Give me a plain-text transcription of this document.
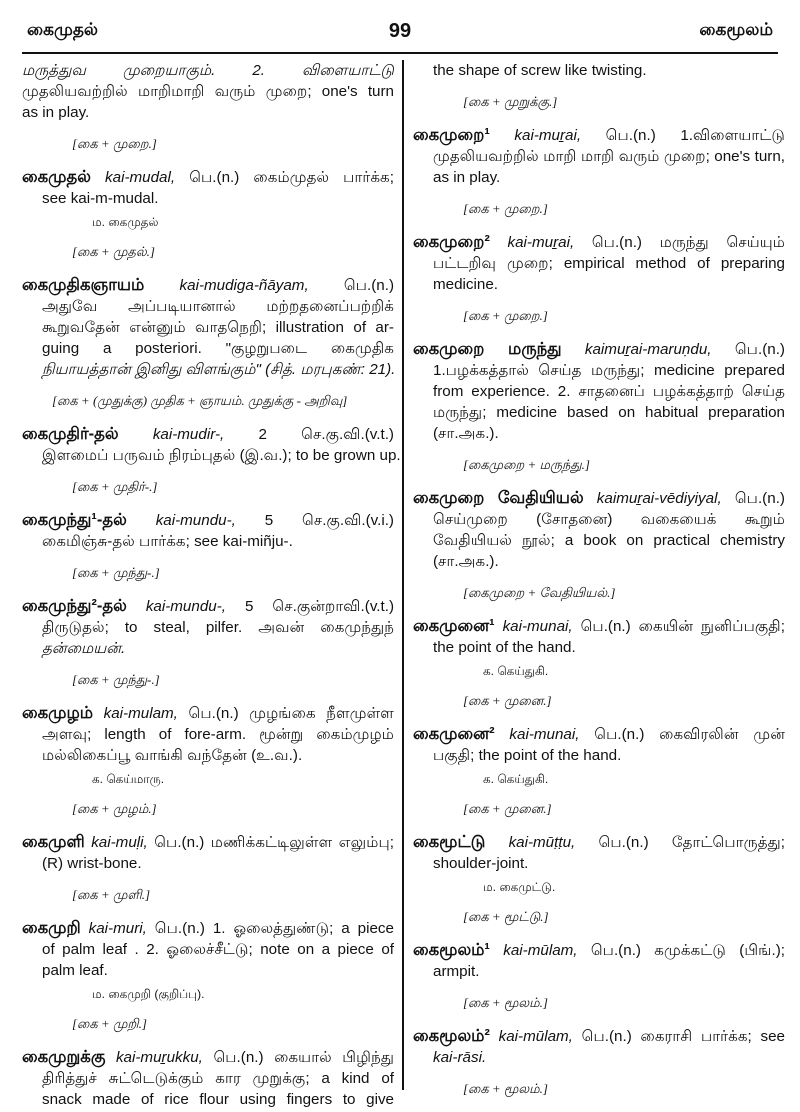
கைமுதல்	99	கைமூலம்
மருத்துவ முறையாகும். 2. விளையாட்டு
முதலியவற்றில் மாறிமாறி வரும் முறை; one's turn
as in play.
[கை + முறை.]
கைமுதல் kai-mudal, பெ.(n.) கைம்முதல் பார்க்க;
see kai-m-mudal.
ம. கைமுதல்
[கை + முதல்.]
கைமுதிகஞாயம் kai-mudiga-ñāyam, பெ.(n.)
அதுவே அப்படியானால் மற்றதனைப்பற்றிக்
கூறுவதேன் என்னும் வாதநெறி; illustration of ar-
guing a posteriori. "குழறுபடை கைமுதிக
நியாயத்தான் இனிது விளங்கும்" (சித். மரபுகண்: 21).
[கை + (முதுக்கு) முதிக + ஞாயம். முதுக்கு - அறிவு]
கைமுதிர்-தல் kai-mudir-, 2 செ.கு.வி.(v.t.)
இளமைப் பருவம் நிரம்புதல் (இ.வ.); to be grown up.
[கை + முதிர்-.]
கைமுந்து¹-தல் kai-mundu-, 5 செ.கு.வி.(v.i.)
கைமிஞ்சு-தல் பார்க்க; see kai-miñju-.
[கை + முந்து-.]
கைமுந்து²-தல் kai-mundu-, 5 செ.குன்றாவி.(v.t.)
திருடுதல்; to steal, pilfer. அவன் கைமுந்துந்
தன்மையன்.
[கை + முந்து-.]
கைமுழம் kai-mulam, பெ.(n.) முழங்கை நீளமுள்ள
அளவு; length of fore-arm. மூன்று கைம்முழம்
மல்லிகைப்பூ வாங்கி வந்தேன் (உ.வ.).
க. கெய்மாரு.
[கை + முழம்.]
கைமுளி kai-muḷi, பெ.(n.) மணிக்கட்டிலுள்ள எலும்பு;
(R) wrist-bone.
[கை + முளி.]
கைமுறி kai-muri, பெ.(n.) 1. ஓலைத்துண்டு; a piece
of palm leaf . 2. ஓலைச்சீட்டு; note on a piece of
palm leaf.
ம. கைமுறி (குறிப்பு).
[கை + முறி.]
கைமுறுக்கு kai-muṟukku, பெ.(n.) கையால் பிழிந்து
திரித்துச் சுட்டெடுக்கும் கார முறுக்கு; a kind of
snack made of rice flour using fingers to give
the shape of screw like twisting.
[கை + முறுக்கு.]
கைமுறை¹ kai-muṟai, பெ.(n.) 1.விளையாட்டு
முதலியவற்றில் மாறி மாறி வரும் முறை; one's turn,
as in play.
[கை + முறை.]
கைமுறை² kai-muṟai, பெ.(n.) மருந்து செய்யும்
பட்டறிவு முறை; empirical method of preparing
medicine.
[கை + முறை.]
கைமுறை மருந்து kaimuṟai-maruṇdu, பெ.(n.)
1.பழக்கத்தால் செய்த மருந்து; medicine prepared
from experience. 2. சாதனைப் பழக்கத்தாற் செய்த
மருந்து; medicine based on habitual preparation
(சா.அக.).
[கைமுறை + மருந்து.]
கைமுறை வேதியியல் kaimuṟai-vēdiyiyal, பெ.(n.)
செய்முறை (சோதனை) வகையைக் கூறும்
வேதியியல் நூல்; a book on practical chemistry
(சா.அக.).
[கைமுறை + வேதியியல்.]
கைமுனை¹ kai-munai, பெ.(n.) கையின் நுனிப்பகுதி;
the point of the hand.
க. கெய்துகி.
[கை + முனை.]
கைமுனை² kai-munai, பெ.(n.) கைவிரலின் முன்
பகுதி; the point of the hand.
க. கெய்துகி.
[கை + முனை.]
கைமூட்டு kai-mūṭṭu, பெ.(n.) தோட்பொருத்து;
shoulder-joint.
ம. கைமுட்டு.
[கை + மூட்டு.]
கைமூலம்¹ kai-mūlam, பெ.(n.) கமுக்கட்டு (பிங்.);
armpit.
[கை + மூலம்.]
கைமூலம்² kai-mūlam, பெ.(n.) கைராசி பார்க்க; see
kai-rāsi.
[கை + மூலம்.]
